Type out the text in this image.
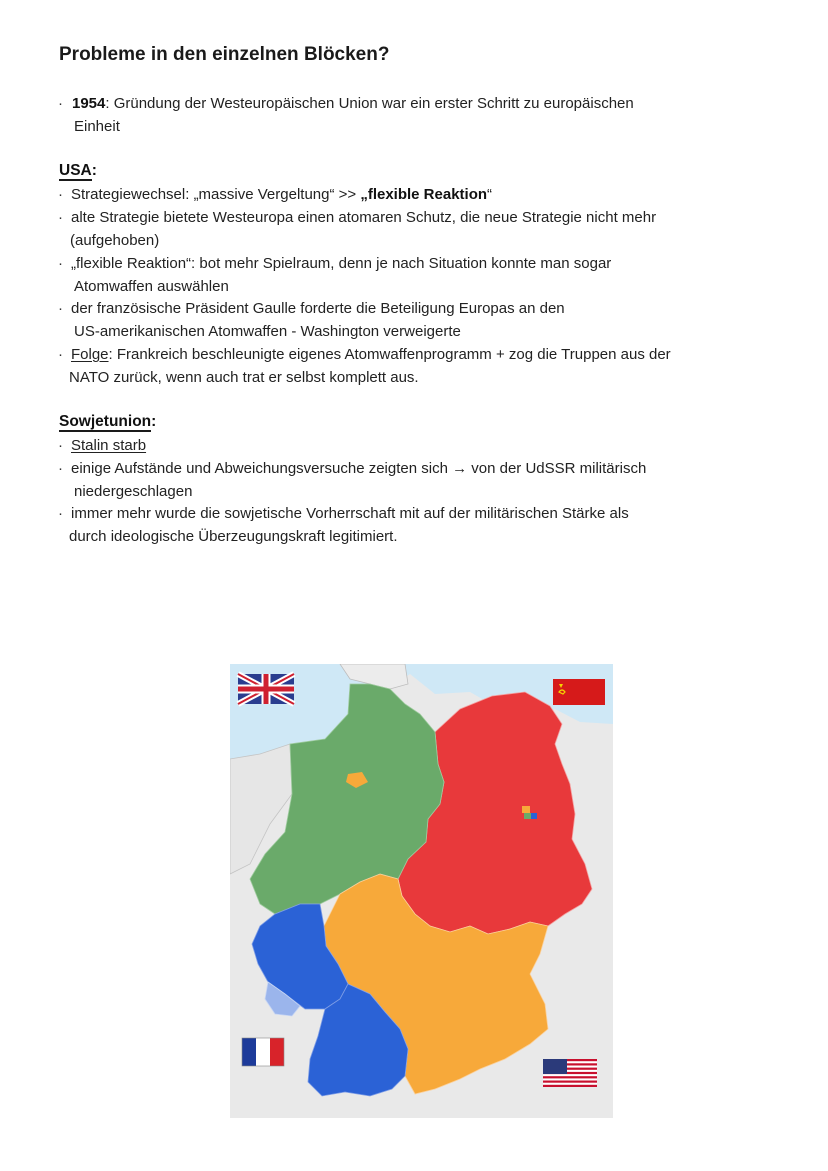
Probleme in den einzelnen Blöcken?
· 1954: Gründung der Westeuropäischen Union war ein erster Schritt zu europäischen
Einheit
USA:
· Strategiewechsel: „massive Vergeltung“ >> „flexible Reaktion“
· alte Strategie bietete Westeuropa einen atomaren Schutz, die neue Strategie nicht mehr
(aufgehoben)
· „flexible Reaktion“: bot mehr Spielraum, denn je nach Situation konnte man sogar
Atomwaffen auswählen
· der französische Präsident Gaulle forderte die Beteiligung Europas an den
US-amerikanischen Atomwaffen - Washington verweigerte
· Folge: Frankreich beschleunigte eigenes Atomwaffenprogramm + zog die Truppen aus der
NATO zurück, wenn auch trat er selbst komplett aus.
Sowjetunion:
· Stalin starb
· einige Aufstände und Abweichungsversuche zeigten sich → von der UdSSR militärisch
niedergeschlagen
· immer mehr wurde die sowjetische Vorherrschaft mit auf der militärischen Stärke als
durch ideologische Überzeugungskraft legitimiert.
